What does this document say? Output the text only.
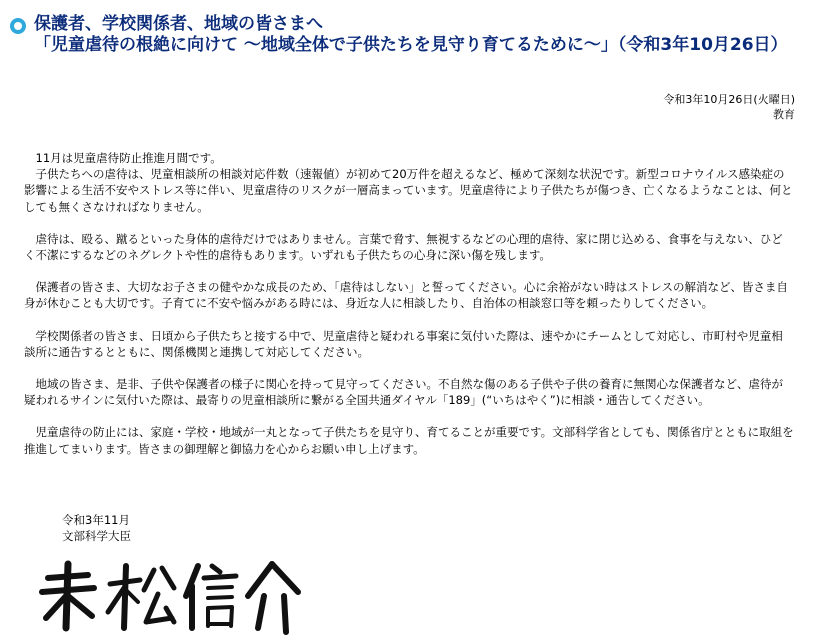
保護者、学校関係者、地域の皆さまへ
「児童虐待の根絶に向けて 〜地域全体で子供たちを見守り育てるために〜」（令和3年10月26日）
令和3年10月26日(火曜日)
教育

11月は児童虐待防止推進月間です。

子供たちへの虐待は、児童相談所の相談対応件数（速報値）が初めて20万件を超えるなど、極めて深刻な状況です。新型コロナウイルス感染症の影響による生活不安やストレス等に伴い、児童虐待のリスクが一層高まっています。児童虐待により子供たちが傷つき、亡くなるようなことは、何としても無くさなければなりません。

虐待は、殴る、蹴るといった身体的虐待だけではありません。言葉で脅す、無視するなどの心理的虐待、家に閉じ込める、食事を与えない、ひどく不潔にするなどのネグレクトや性的虐待もあります。いずれも子供たちの心身に深い傷を残します。

保護者の皆さま、大切なお子さまの健やかな成長のため、「虐待はしない」と誓ってください。心に余裕がない時はストレスの解消など、皆さま自身が休むことも大切です。子育てに不安や悩みがある時には、身近な人に相談したり、自治体の相談窓口等を頼ったりしてください。

学校関係者の皆さま、日頃から子供たちと接する中で、児童虐待と疑われる事案に気付いた際は、速やかにチームとして対応し、市町村や児童相談所に通告するとともに、関係機関と連携して対応してください。

地域の皆さま、是非、子供や保護者の様子に関心を持って見守ってください。不自然な傷のある子供や子供の養育に無関心な保護者など、虐待が疑われるサインに気付いた際は、最寄りの児童相談所に繋がる全国共通ダイヤル「189」(“いちはやく”)に相談・通告してください。

児童虐待の防止には、家庭・学校・地域が一丸となって子供たちを見守り、育てることが重要です。文部科学省としても、関係省庁とともに取組を推進してまいります。皆さまの御理解と御協力を心からお願い申し上げます。

令和3年11月
文部科学大臣
